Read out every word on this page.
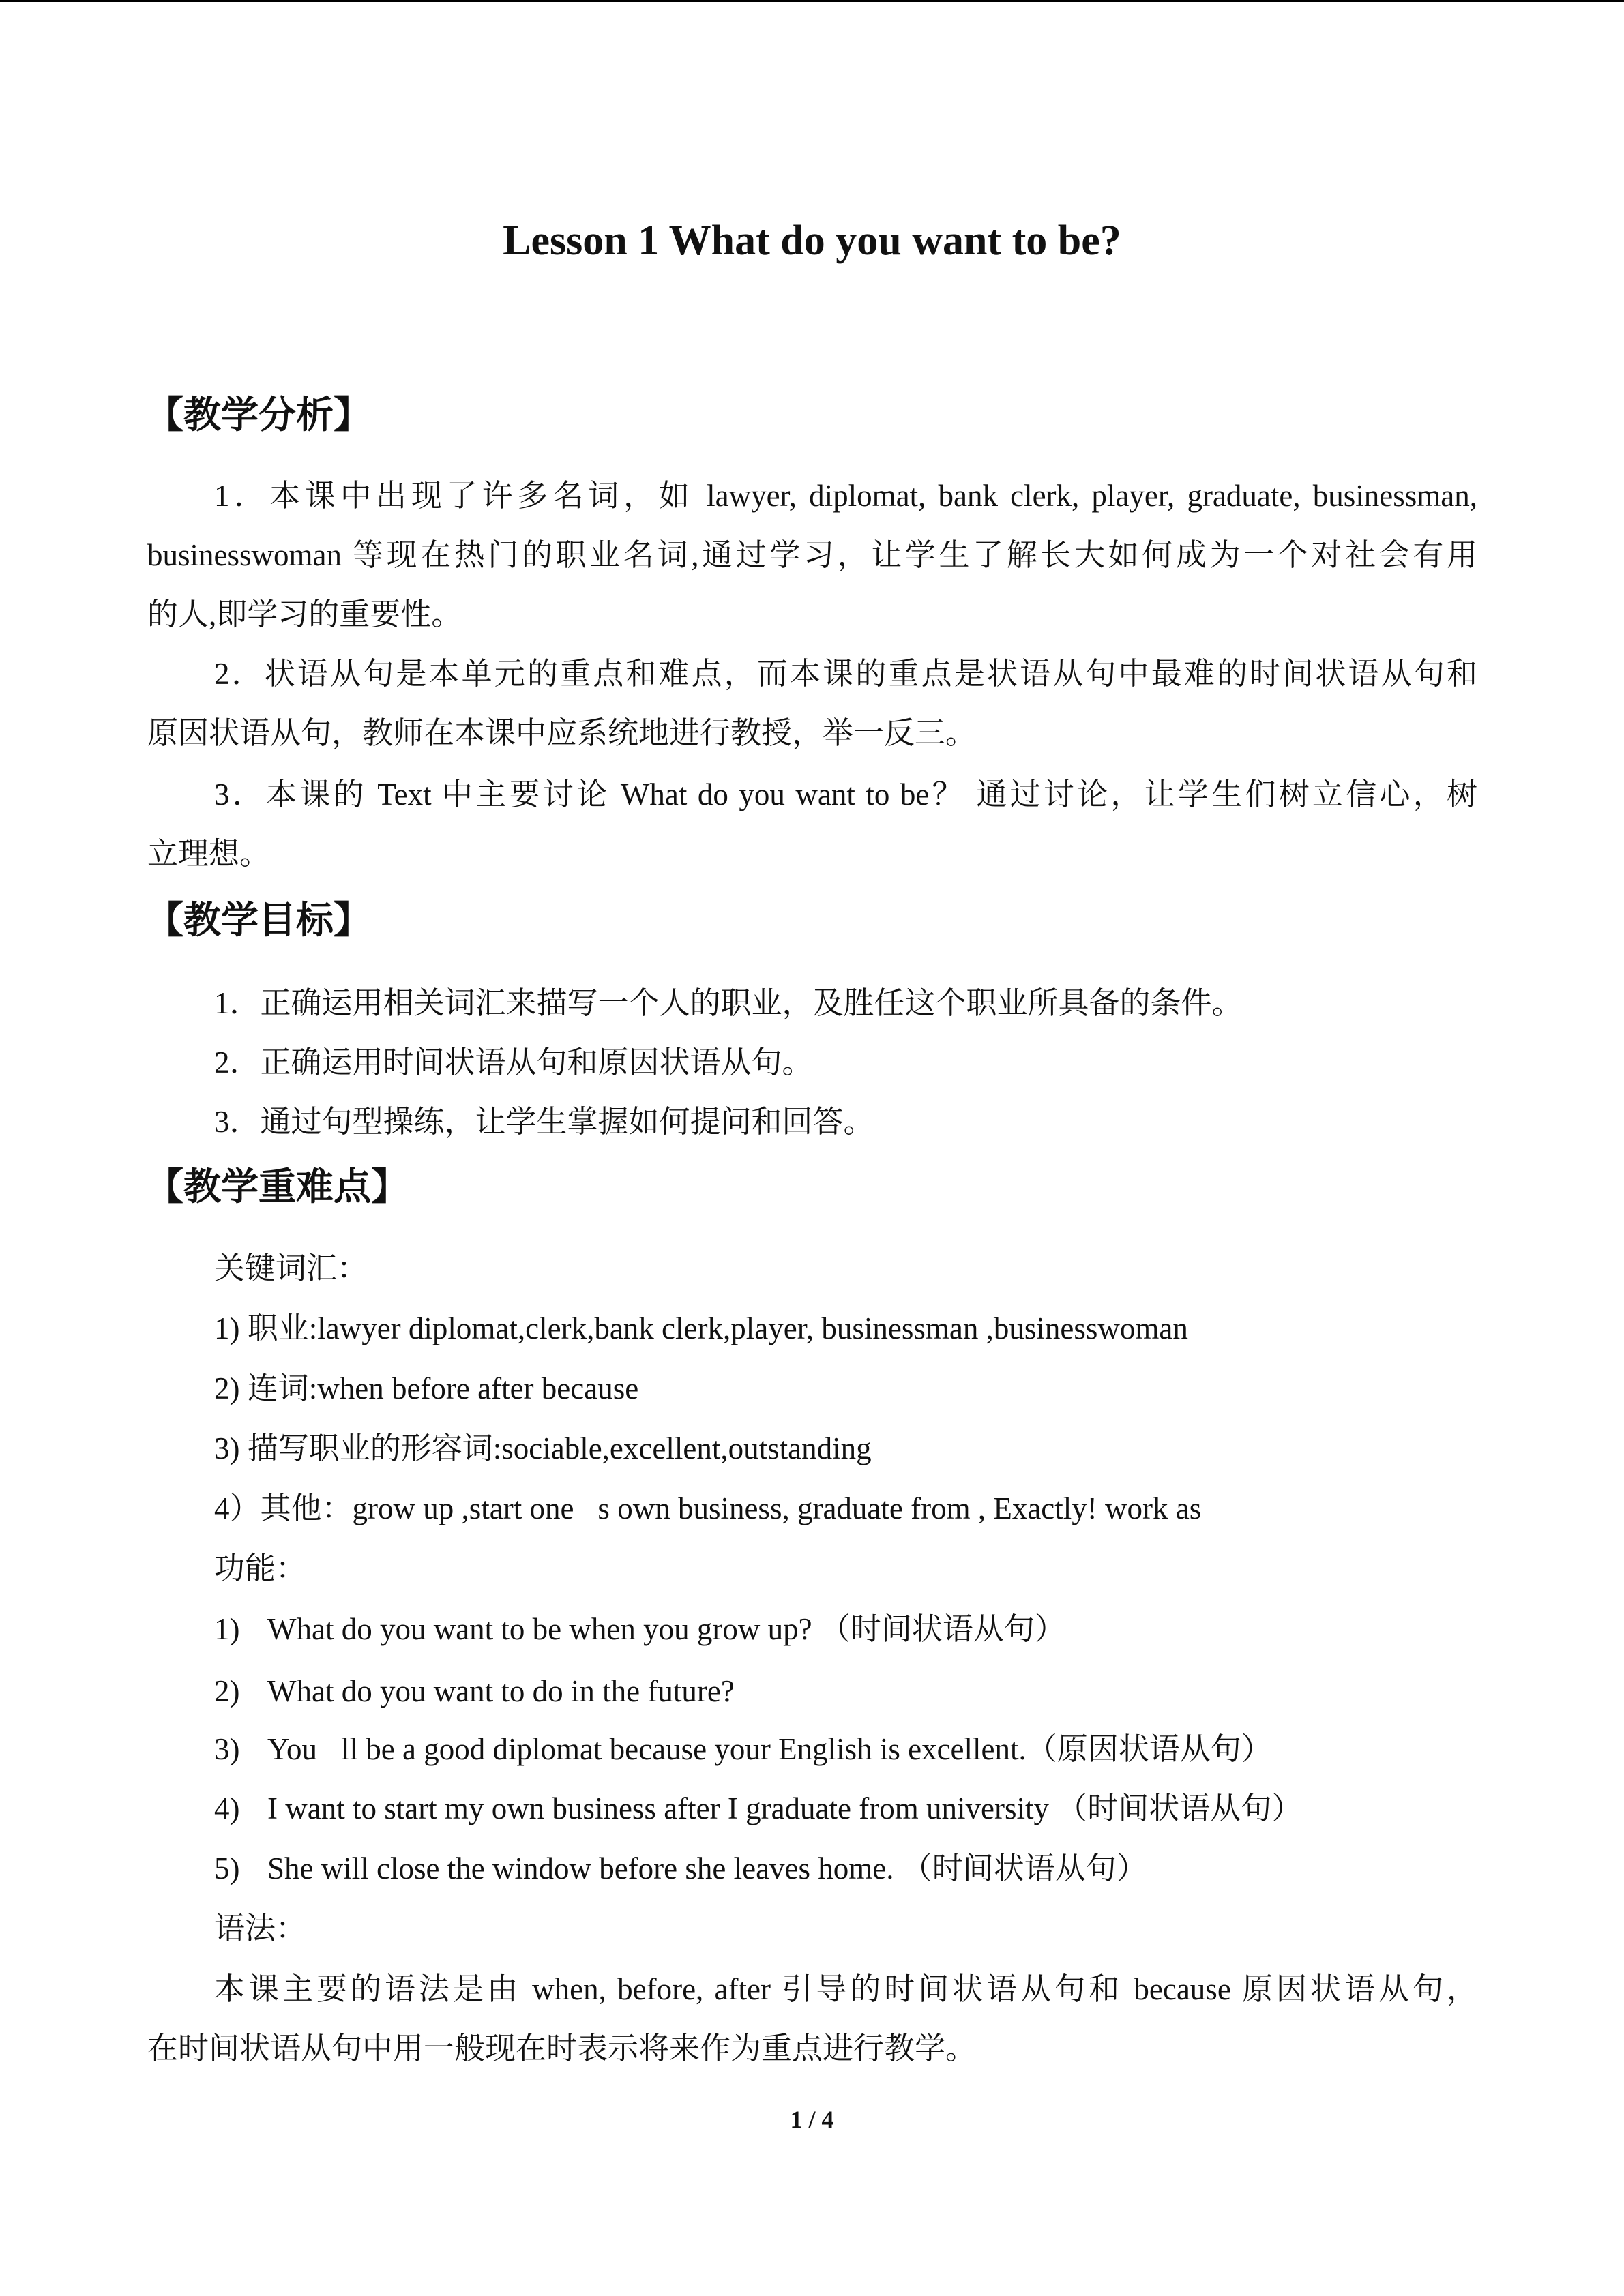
Lesson 1 What do you want to be?
【教学分析】
1．本课中出现了许多名词，如 lawyer, diplomat, bank clerk, player, graduate, businessman,
businesswoman 等现在热门的职业名词,通过学习，让学生了解长大如何成为一个对社会有用
的人,即学习的重要性。
2．状语从句是本单元的重点和难点，而本课的重点是状语从句中最难的时间状语从句和
原因状语从句，教师在本课中应系统地进行教授，举一反三。
3．本课的 Text 中主要讨论 What do you want to be？ 通过讨论，让学生们树立信心，树
立理想。
【教学目标】
1．正确运用相关词汇来描写一个人的职业，及胜任这个职业所具备的条件。
2．正确运用时间状语从句和原因状语从句。
3．通过句型操练，让学生掌握如何提问和回答。
【教学重难点】
关键词汇：
1) 职业:lawyer diplomat,clerk,bank clerk,player, businessman ,businesswoman
2) 连词:when before after because
3) 描写职业的形容词:sociable,excellent,outstanding
4）其他：grow up ,start one s own business, graduate from , Exactly! work as
功能：
1) What do you want to be when you grow up? （时间状语从句）
2) What do you want to do in the future?
3) You ll be a good diplomat because your English is excellent.（原因状语从句）
4) I want to start my own business after I graduate from university （时间状语从句）
5) She will close the window before she leaves home. （时间状语从句）
语法：
本课主要的语法是由 when, before, after 引导的时间状语从句和 because 原因状语从句，
在时间状语从句中用一般现在时表示将来作为重点进行教学。
1 / 4
